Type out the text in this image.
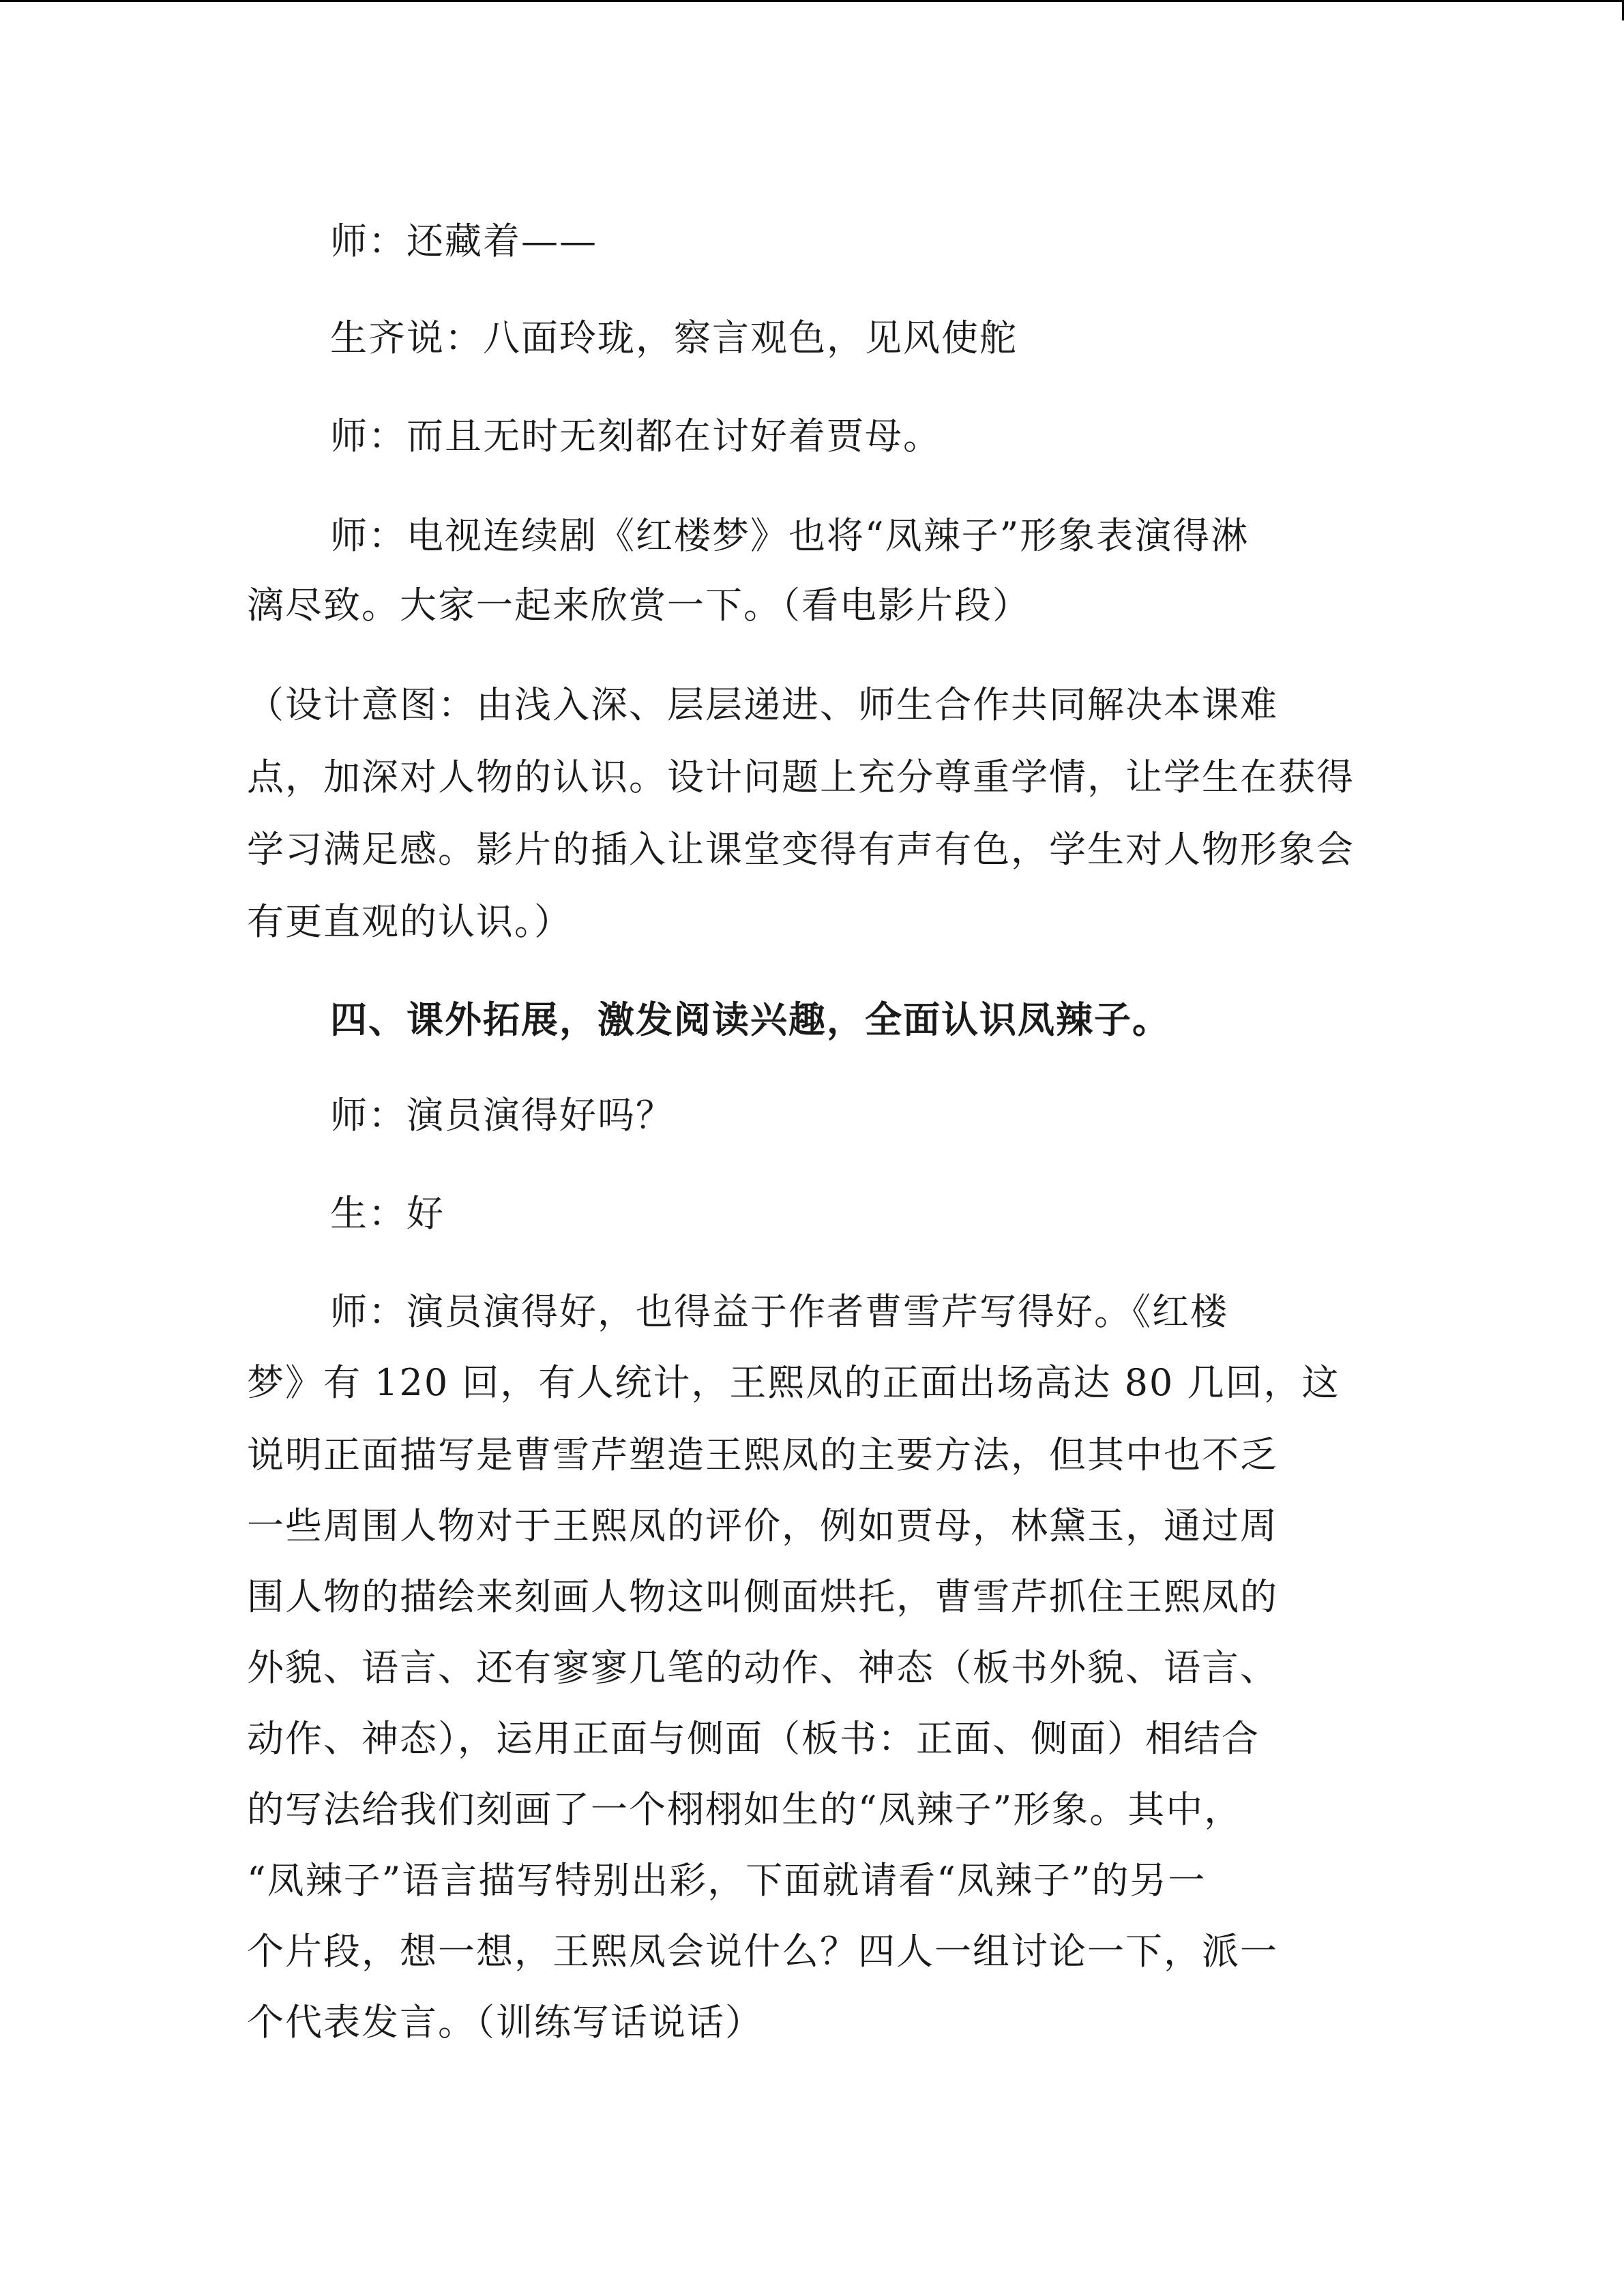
师：还藏着——
生齐说：八面玲珑，察言观色，见风使舵
师：而且无时无刻都在讨好着贾母。
师：电视连续剧《红楼梦》也将“凤辣子”形象表演得淋
漓尽致。大家一起来欣赏一下。（看电影片段）
（设计意图：由浅入深、层层递进、师生合作共同解决本课难
点，加深对人物的认识。设计问题上充分尊重学情，让学生在获得
学习满足感。影片的插入让课堂变得有声有色，学生对人物形象会
有更直观的认识。）
四、课外拓展，激发阅读兴趣，全面认识凤辣子。
师：演员演得好吗？
生：好
师：演员演得好，也得益于作者曹雪芹写得好。《红楼
梦》有 120 回，有人统计，王熙凤的正面出场高达 80 几回，这
说明正面描写是曹雪芹塑造王熙凤的主要方法，但其中也不乏
一些周围人物对于王熙凤的评价，例如贾母，林黛玉，通过周
围人物的描绘来刻画人物这叫侧面烘托，曹雪芹抓住王熙凤的
外貌、语言、还有寥寥几笔的动作、神态（板书外貌、语言、
动作、神态），运用正面与侧面（板书：正面、侧面）相结合
的写法给我们刻画了一个栩栩如生的“凤辣子”形象。其中，
“凤辣子”语言描写特别出彩，下面就请看“凤辣子”的另一
个片段，想一想，王熙凤会说什么？四人一组讨论一下，派一
个代表发言。（训练写话说话）
